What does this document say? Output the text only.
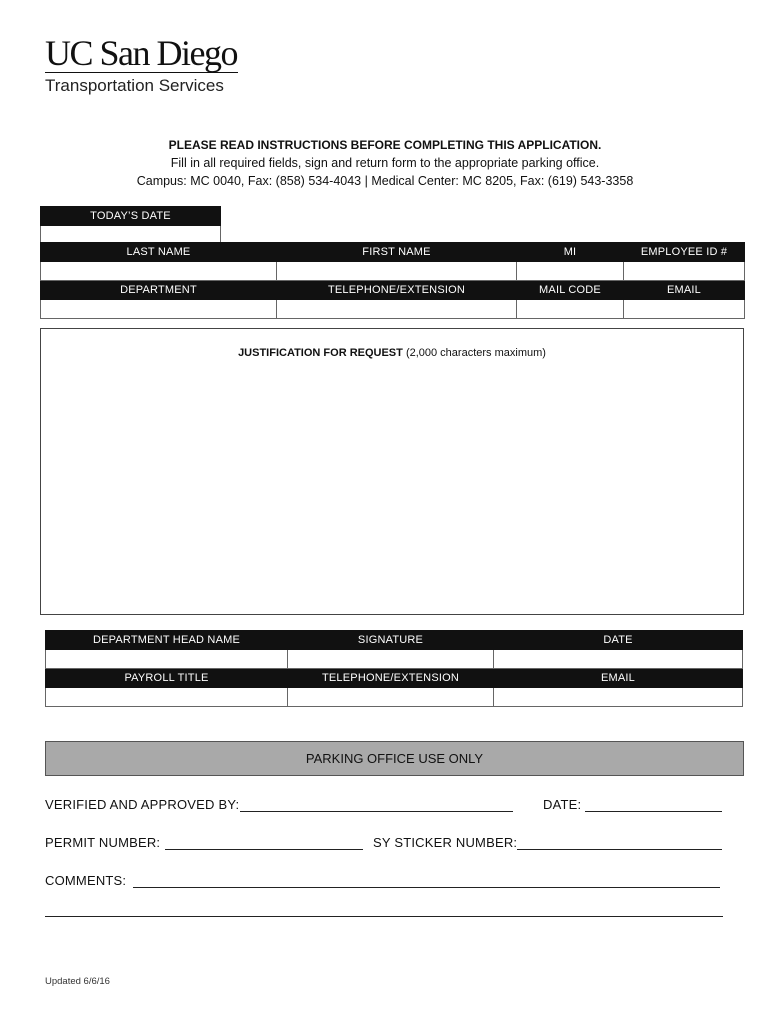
UC San Diego
Transportation Services
PLEASE READ INSTRUCTIONS BEFORE COMPLETING THIS APPLICATION.
Fill in all required fields, sign and return form to the appropriate parking office.
Campus: MC 0040, Fax: (858) 534-4043 | Medical Center: MC 8205, Fax: (619) 543-3358
TODAY’S DATE

LAST NAME	FIRST NAME	MI	EMPLOYEE ID #

DEPARTMENT	TELEPHONE/EXTENSION	MAIL CODE	EMAIL

JUSTIFICATION FOR REQUEST (2,000 characters maximum)
DEPARTMENT HEAD NAME	SIGNATURE	DATE

PAYROLL TITLE	TELEPHONE/EXTENSION	EMAIL

PARKING OFFICE USE ONLY
VERIFIED AND APPROVED BY:	DATE:
PERMIT NUMBER:	SY STICKER NUMBER:
COMMENTS:
Updated 6/6/16
